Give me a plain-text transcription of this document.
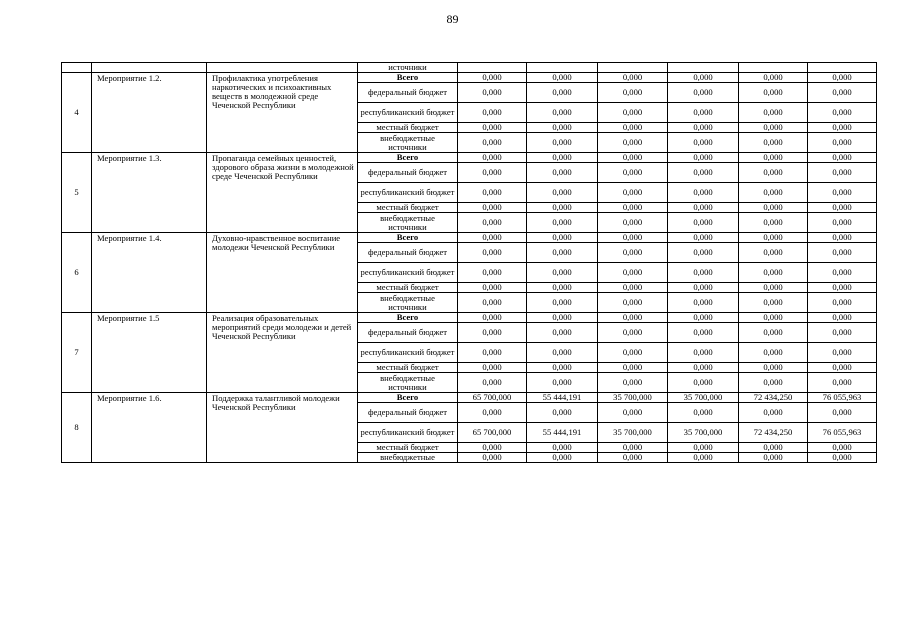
89
			источники						
4	Мероприятие 1.2.	Профилактика употребления наркотических и психоактивных веществ в молодежной среде Чеченской Республики	Всего	0,000	0,000	0,000	0,000	0,000	0,000
			федеральный бюджет	0,000	0,000	0,000	0,000	0,000	0,000
			республиканский бюджет	0,000	0,000	0,000	0,000	0,000	0,000
			местный бюджет	0,000	0,000	0,000	0,000	0,000	0,000
			внебюджетные источники	0,000	0,000	0,000	0,000	0,000	0,000
5	Мероприятие 1.3.	Пропаганда семейных ценностей, здорового образа жизни в молодежной среде Чеченской Республики	Всего	0,000	0,000	0,000	0,000	0,000	0,000
			федеральный бюджет	0,000	0,000	0,000	0,000	0,000	0,000
			республиканский бюджет	0,000	0,000	0,000	0,000	0,000	0,000
			местный бюджет	0,000	0,000	0,000	0,000	0,000	0,000
			внебюджетные источники	0,000	0,000	0,000	0,000	0,000	0,000
6	Мероприятие 1.4.	Духовно-нравственное воспитание молодежи Чеченской Республики	Всего	0,000	0,000	0,000	0,000	0,000	0,000
			федеральный бюджет	0,000	0,000	0,000	0,000	0,000	0,000
			республиканский бюджет	0,000	0,000	0,000	0,000	0,000	0,000
			местный бюджет	0,000	0,000	0,000	0,000	0,000	0,000
			внебюджетные источники	0,000	0,000	0,000	0,000	0,000	0,000
7	Мероприятие 1.5	Реализация образовательных мероприятий среди молодежи и детей Чеченской Республики	Всего	0,000	0,000	0,000	0,000	0,000	0,000
			федеральный бюджет	0,000	0,000	0,000	0,000	0,000	0,000
			республиканский бюджет	0,000	0,000	0,000	0,000	0,000	0,000
			местный бюджет	0,000	0,000	0,000	0,000	0,000	0,000
			внебюджетные источники	0,000	0,000	0,000	0,000	0,000	0,000
8	Мероприятие 1.6.	Поддержка талантливой молодежи Чеченской Республики	Всего	65 700,000	55 444,191	35 700,000	35 700,000	72 434,250	76 055,963
			федеральный бюджет	0,000	0,000	0,000	0,000	0,000	0,000
			республиканский бюджет	65 700,000	55 444,191	35 700,000	35 700,000	72 434,250	76 055,963
			местный бюджет	0,000	0,000	0,000	0,000	0,000	0,000
			внебюджетные	0,000	0,000	0,000	0,000	0,000	0,000
